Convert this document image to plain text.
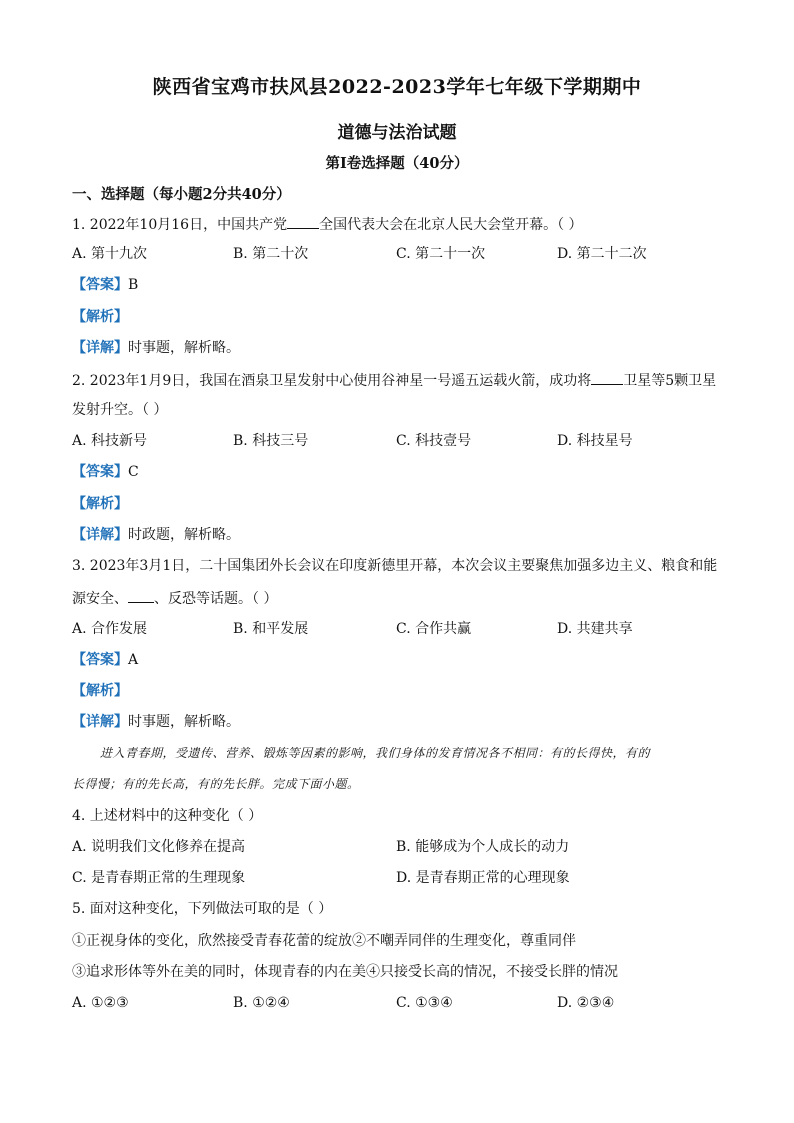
陕西省宝鸡市扶风县2022-2023学年七年级下学期期中
道德与法治试题
第Ⅰ卷选择题（40分）
一、选择题（每小题2分共40分）
1. 2022年10月16日，中国共产党 全国代表大会在北京人民大会堂开幕。（ ）
A. 第十九次	B. 第二十次	C. 第二十一次	D. 第二十二次
【答案】B
【解析】
【详解】时事题，解析略。
2. 2023年1月9日，我国在酒泉卫星发射中心使用谷神星一号遥五运载火箭，成功将 卫星等5颗卫星
发射升空。（ ）
A. 科技新号	B. 科技三号	C. 科技壹号	D. 科技星号
【答案】C
【解析】
【详解】时政题，解析略。
3. 2023年3月1日，二十国集团外长会议在印度新德里开幕，本次会议主要聚焦加强多边主义、粮食和能
源安全、 、反恐等话题。（ ）
A. 合作发展	B. 和平发展	C. 合作共赢	D. 共建共享
【答案】A
【解析】
【详解】时事题，解析略。
进入青春期，受遗传、营养、锻炼等因素的影响，我们身体的发育情况各不相同：有的长得快，有的
长得慢；有的先长高，有的先长胖。完成下面小题。
4. 上述材料中的这种变化（ ）
A. 说明我们文化修养在提高	B. 能够成为个人成长的动力
C. 是青春期正常的生理现象	D. 是青春期正常的心理现象
5. 面对这种变化，下列做法可取的是（ ）
①正视身体的变化，欣然接受青春花蕾的绽放②不嘲弄同伴的生理变化，尊重同伴
③追求形体等外在美的同时，体现青春的内在美④只接受长高的情况，不接受长胖的情况
A. ①②③	B. ①②④	C. ①③④	D. ②③④
